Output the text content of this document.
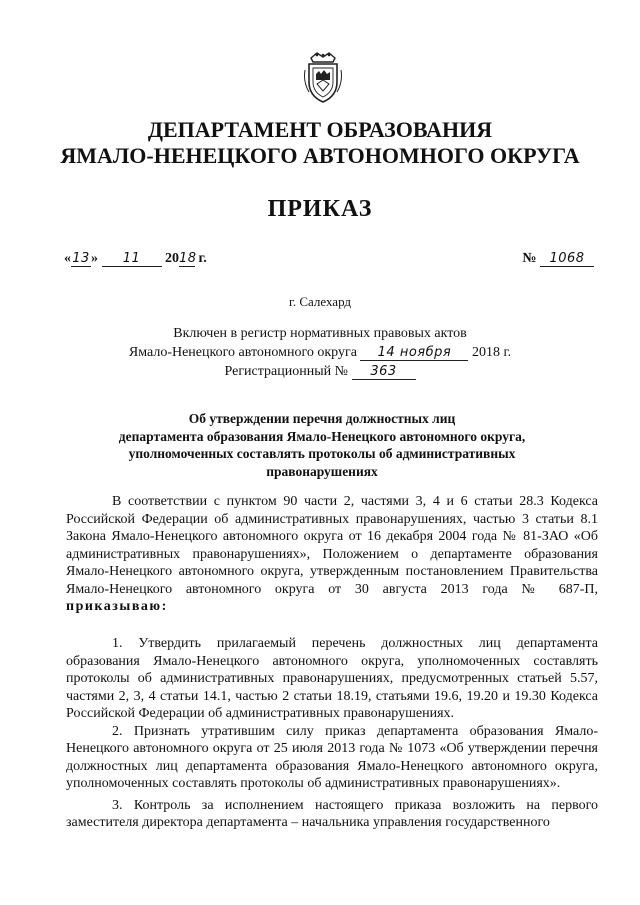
ДЕПАРТАМЕНТ ОБРАЗОВАНИЯ
ЯМАЛО-НЕНЕЦКОГО АВТОНОМНОГО ОКРУГА
ПРИКАЗ
«13» 11 2018 г.	№ 1068
г. Салехард
Включен в регистр нормативных правовых актов
Ямало-Ненецкого автономного округа 14 ноября 2018 г.
Регистрационный № 363
Об утверждении перечня должностных лиц
департамента образования Ямало-Ненецкого автономного округа,
уполномоченных составлять протоколы об административных
правонарушениях

В соответствии с пунктом 90 части 2, частями 3, 4 и 6 статьи 28.3 Кодекса Российской Федерации об административных правонарушениях, частью 3 статьи 8.1 Закона Ямало-Ненецкого автономного округа от 16 декабря 2004 года № 81-ЗАО «Об административных правонарушениях», Положением о департаменте образования Ямало-Ненецкого автономного округа, утвержденным постановлением Правительства Ямало-Ненецкого автономного округа от 30 августа 2013 года № 687-П, приказываю:

1. Утвердить прилагаемый перечень должностных лиц департамента образования Ямало-Ненецкого автономного округа, уполномоченных составлять протоколы об административных правонарушениях, предусмотренных статьей 5.57, частями 2, 3, 4 статьи 14.1, частью 2 статьи 18.19, статьями 19.6, 19.20 и 19.30 Кодекса Российской Федерации об административных правонарушениях.

2. Признать утратившим силу приказ департамента образования Ямало-Ненецкого автономного округа от 25 июля 2013 года № 1073 «Об утверждении перечня должностных лиц департамента образования Ямало-Ненецкого автономного округа, уполномоченных составлять протоколы об административных правонарушениях».

3. Контроль за исполнением настоящего приказа возложить на первого заместителя директора департамента – начальника управления государственного
